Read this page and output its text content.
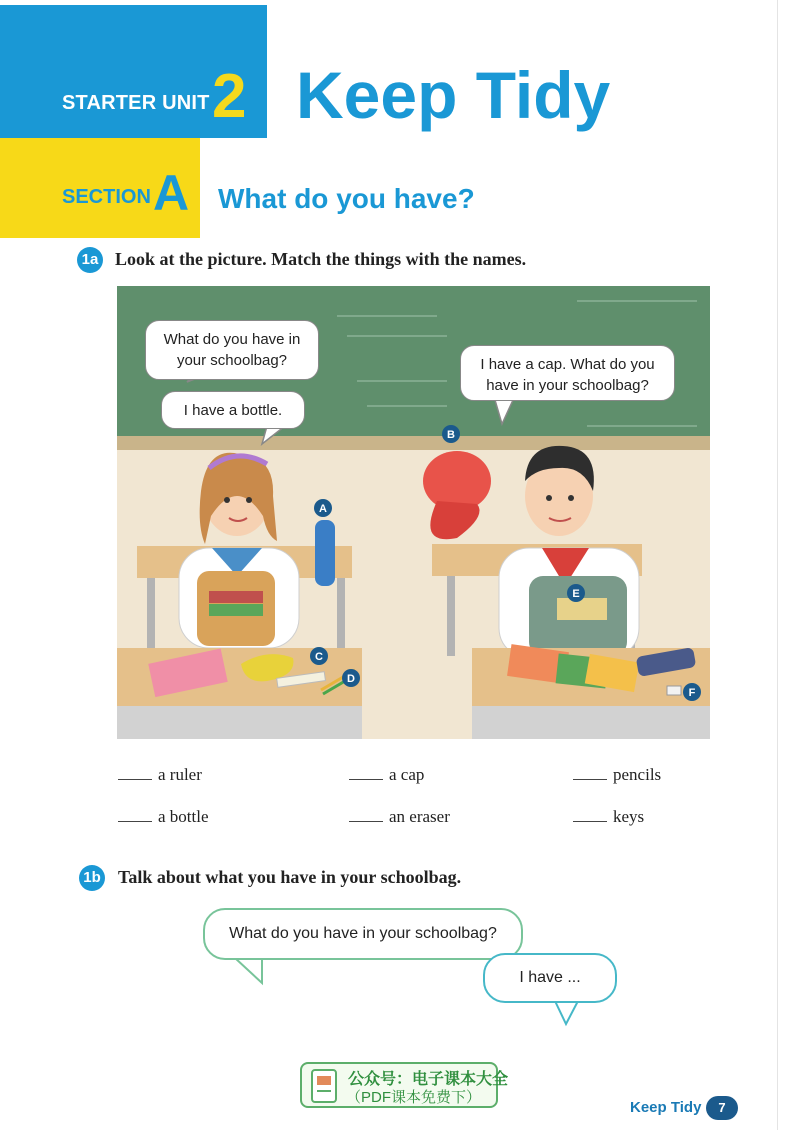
STARTER UNIT 2 Keep Tidy
SECTION A What do you have?
1a Look at the picture. Match the things with the names.
A
B
C
D
E
F
What do you have in your schoolbag?
I have a bottle.
I have a cap. What do you have in your schoolbag?
a ruler	a cap	pencils
a bottle	an eraser	keys
1b Talk about what you have in your schoolbag.
What do you have in your schoolbag?
I have ...
公众号：电子课本大全
（PDF课本免费下）
Keep Tidy	7
